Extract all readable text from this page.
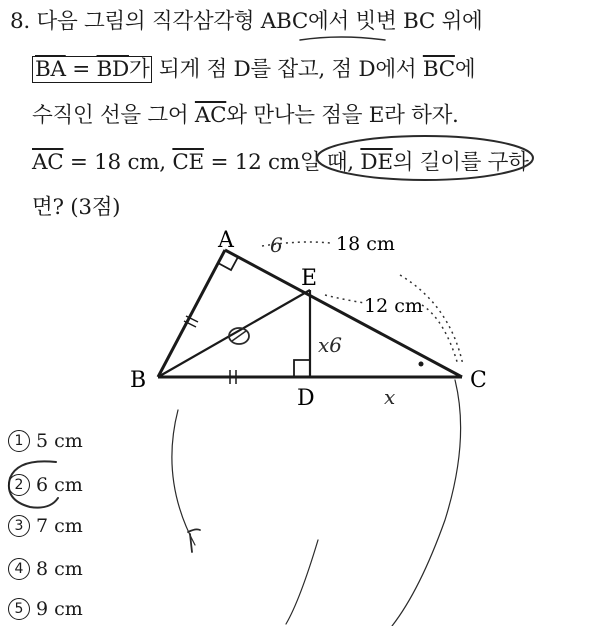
8. 다음 그림의 직각삼각형 ABC에서 빗변 BC 위에
$\overline{BA} = \overline{BD}$가 되게 점 D를 잡고, 점 D에서 $\overline{BC}$에
수직인 선을 그어 $\overline{AC}$와 만나는 점을 E라 하자.
$\overline{AC} = 18$ cm, $\overline{CE} = 12$ cm일 때, $\overline{DE}$의 길이를 구하
면? (3점)
A
B	C
D
E
18 cm
12 cm
6
x6
x
1 5 cm
2 6 cm
3 7 cm
4 8 cm
5 9 cm
